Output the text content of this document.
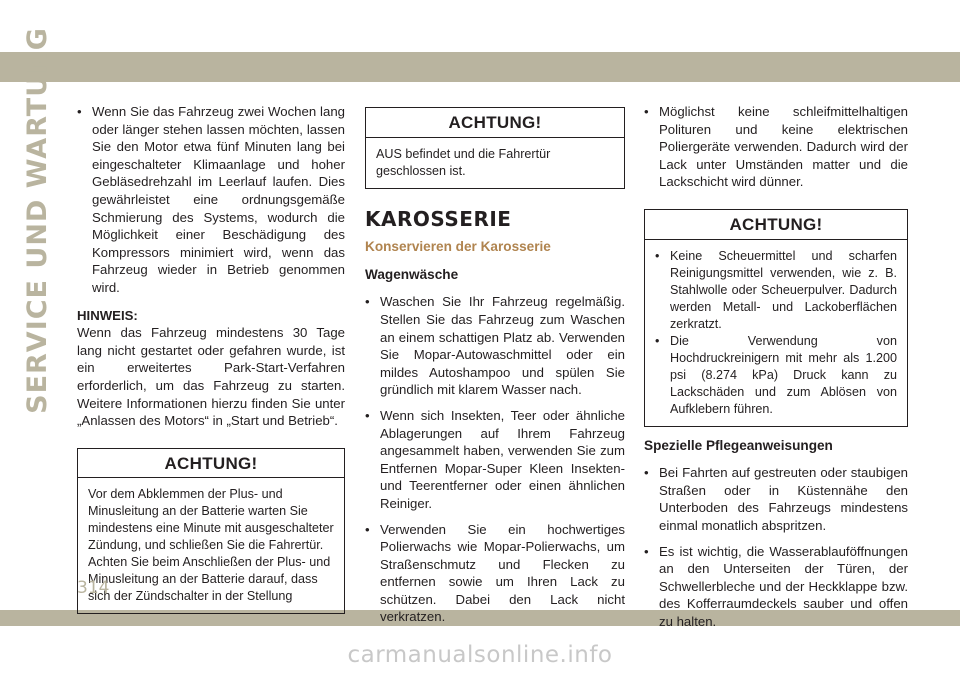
SERVICE UND WARTUNG • Wenn Sie das Fahrzeug zwei Wochen lang oder länger stehen lassen möchten, lassen Sie den Motor etwa fünf Minuten lang bei eingeschalteter Klimaanlage und hoher Gebläsedrehzahl im Leerlauf laufen. Dies gewährleistet eine ordnungsgemäße Schmierung des Systems, wodurch die Möglichkeit einer Beschädigung des Kompressors minimiert wird, wenn das Fahrzeug wieder in Betrieb genommen wird.
HINWEIS:
Wenn das Fahrzeug mindestens 30 Tage lang nicht gestartet oder gefahren wurde, ist ein erweitertes Park-Start-Verfahren erforderlich, um das Fahrzeug zu starten. Weitere Informationen hierzu finden Sie unter „Anlassen des Motors“ in „Start und Betrieb“.
ACHTUNG!
Vor dem Abklemmen der Plus- und Minusleitung an der Batterie warten Sie mindestens eine Minute mit ausgeschalteter Zündung, und schließen Sie die Fahrertür. Achten Sie beim Anschließen der Plus- und Minusleitung an der Batterie darauf, dass sich der Zündschalter in der Stellung
ACHTUNG!
AUS befindet und die Fahrertür geschlossen ist.
KAROSSERIE
Konservieren der Karosserie
Wagenwäsche
• Waschen Sie Ihr Fahrzeug regelmäßig. Stellen Sie das Fahrzeug zum Waschen an einem schattigen Platz ab. Verwenden Sie Mopar-Autowaschmittel oder ein mildes Autoshampoo und spülen Sie gründlich mit klarem Wasser nach.
• Wenn sich Insekten, Teer oder ähnliche Ablagerungen auf Ihrem Fahrzeug angesammelt haben, verwenden Sie zum Entfernen Mopar-Super Kleen Insekten- und Teerentferner oder einen ähnlichen Reiniger.
• Verwenden Sie ein hochwertiges Polierwachs wie Mopar-Polierwachs, um Straßenschmutz und Flecken zu entfernen sowie um Ihren Lack zu schützen. Dabei den Lack nicht verkratzen.
• Möglichst keine schleifmittelhaltigen Polituren und keine elektrischen Poliergeräte verwenden. Dadurch wird der Lack unter Umständen matter und die Lackschicht wird dünner.
ACHTUNG!
• Keine Scheuermittel und scharfen Reinigungsmittel verwenden, wie z. B. Stahlwolle oder Scheuerpulver. Dadurch werden Metall- und Lackoberflächen zerkratzt.
• Die Verwendung von Hochdruckreinigern mit mehr als 1.200 psi (8.274 kPa) Druck kann zu Lackschäden und zum Ablösen von Aufklebern führen.
Spezielle Pflegeanweisungen
• Bei Fahrten auf gestreuten oder staubigen Straßen oder in Küstennähe den Unterboden des Fahrzeugs mindestens einmal monatlich abspritzen.
• Es ist wichtig, die Wasserablauföffnungen an den Unterseiten der Türen, der Schwellerbleche und der Heckklappe bzw. des Kofferraumdeckels sauber und offen zu halten.
314
carmanualsonline.info
